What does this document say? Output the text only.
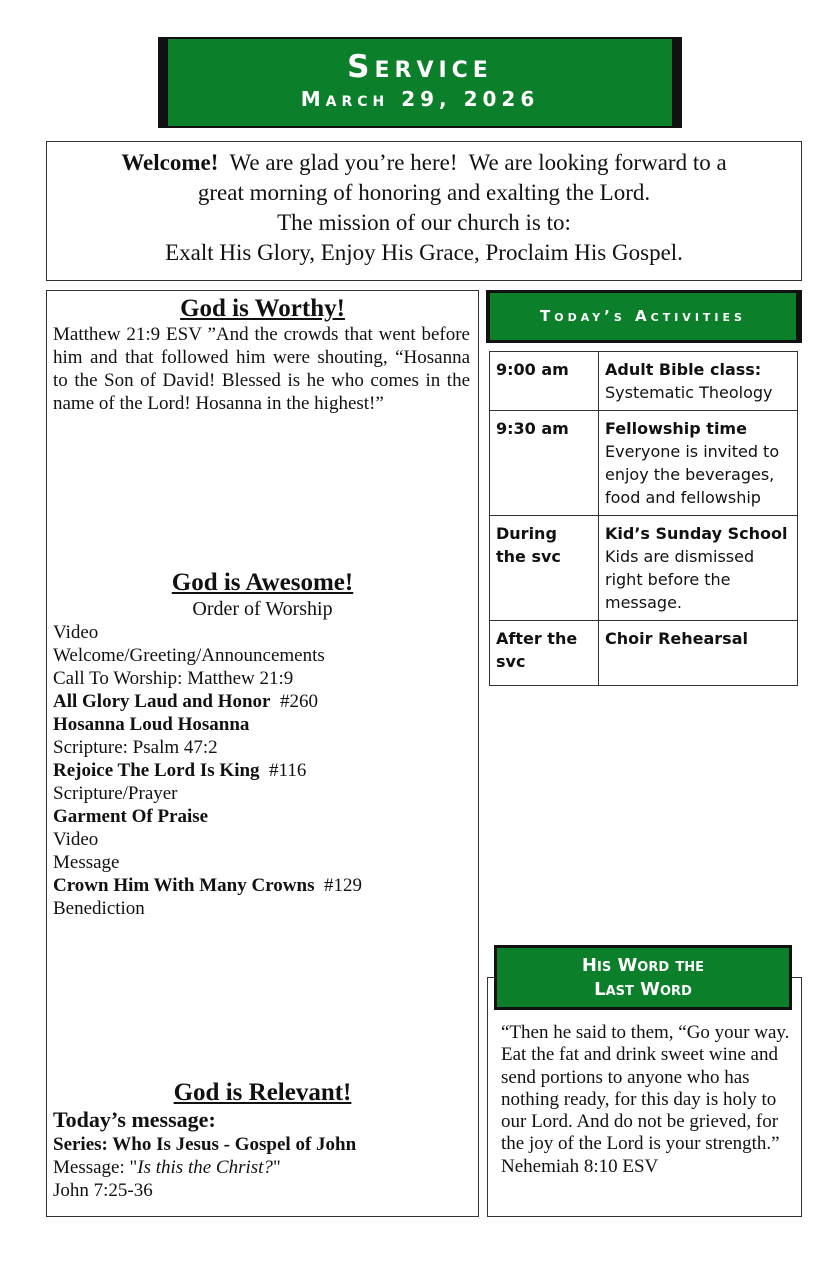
Service
March 29, 2026
Welcome!  We are glad you’re here!  We are looking forward to a
great morning of honoring and exalting the Lord.
The mission of our church is to:
Exalt His Glory, Enjoy His Grace, Proclaim His Gospel.
God is Worthy!
Matthew 21:9 ESV ”And the crowds that went before him and that followed him were shouting, “Hosanna to the Son of David! Blessed is he who comes in the name of the Lord! Hosanna in the highest!”
God is Awesome!
Order of Worship
Video
Welcome/Greeting/Announcements
Call To Worship: Matthew 21:9
All Glory Laud and Honor  #260
Hosanna Loud Hosanna
Scripture: Psalm 47:2
Rejoice The Lord Is King  #116
Scripture/Prayer
Garment Of Praise
Video
Message
Crown Him With Many Crowns  #129
Benediction
God is Relevant!
Today’s message:
Series: Who Is Jesus - Gospel of John
Message: "Is this the Christ?"
John 7:25-36
Today’s Activities
9:00 am	Adult Bible class:
Systematic Theology

9:30 am	Fellowship time
Everyone is invited to enjoy the beverages, food and fellowship

During the svc	Kid’s Sunday School
Kids are dismissed right before the message.

After the svc	Choir Rehearsal
His Word the
Last Word
“Then he said to them, “Go your way. Eat the fat and drink sweet wine and send portions to anyone who has nothing ready, for this day is holy to our Lord. And do not be grieved, for the joy of the Lord is your strength.”
Nehemiah 8:10 ESV
